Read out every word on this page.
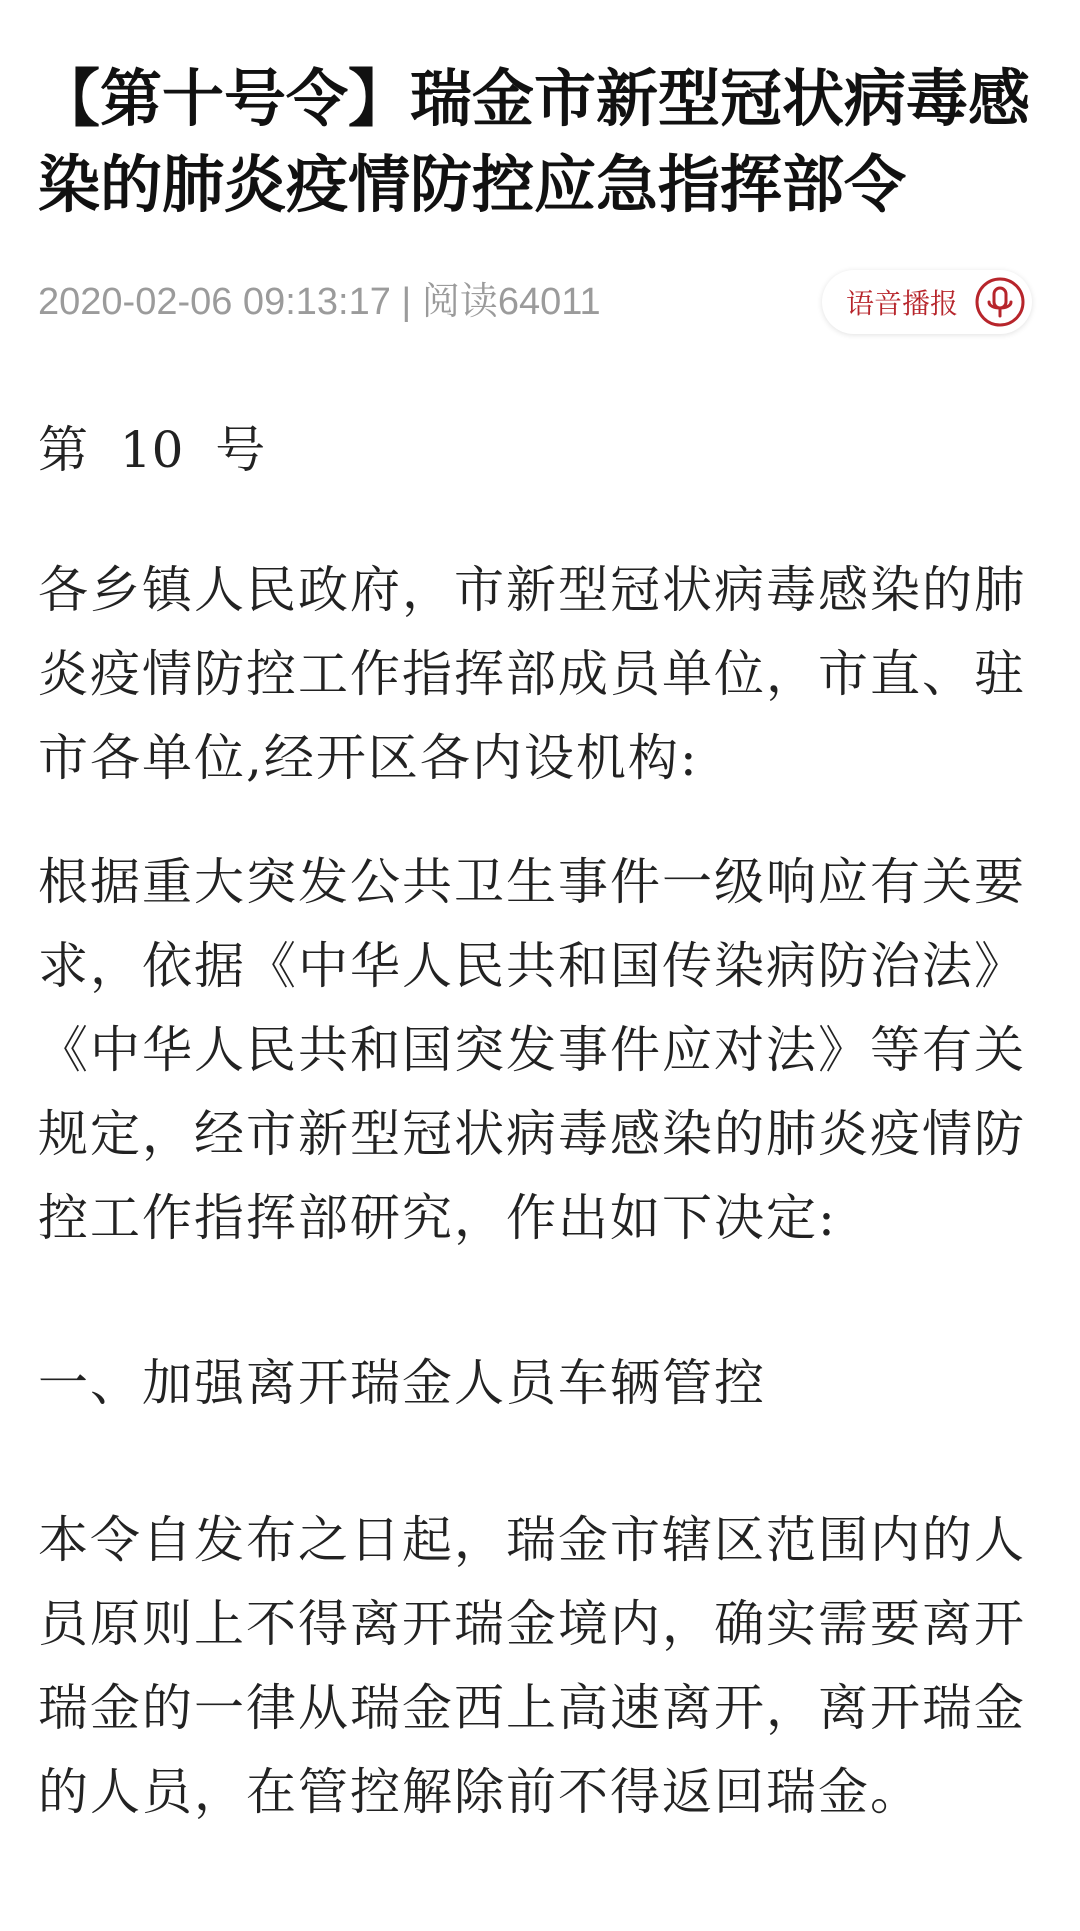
【第十号令】瑞金市新型冠状病毒感染的肺炎疫情防控应急指挥部令
2020-02-06 09:13:17 | 阅读64011	语音播报
第  10  号

各乡镇人民政府，市新型冠状病毒感染的肺炎疫情防控工作指挥部成员单位，市直、驻市各单位,经开区各内设机构:

根据重大突发公共卫生事件一级响应有关要求，依据《中华人民共和国传染病防治法》《中华人民共和国突发事件应对法》等有关规定，经市新型冠状病毒感染的肺炎疫情防控工作指挥部研究，作出如下决定:

一、加强离开瑞金人员车辆管控

本令自发布之日起，瑞金市辖区范围内的人员原则上不得离开瑞金境内，确实需要离开瑞金的一律从瑞金西上高速离开，离开瑞金的人员，在管控解除前不得返回瑞金。
